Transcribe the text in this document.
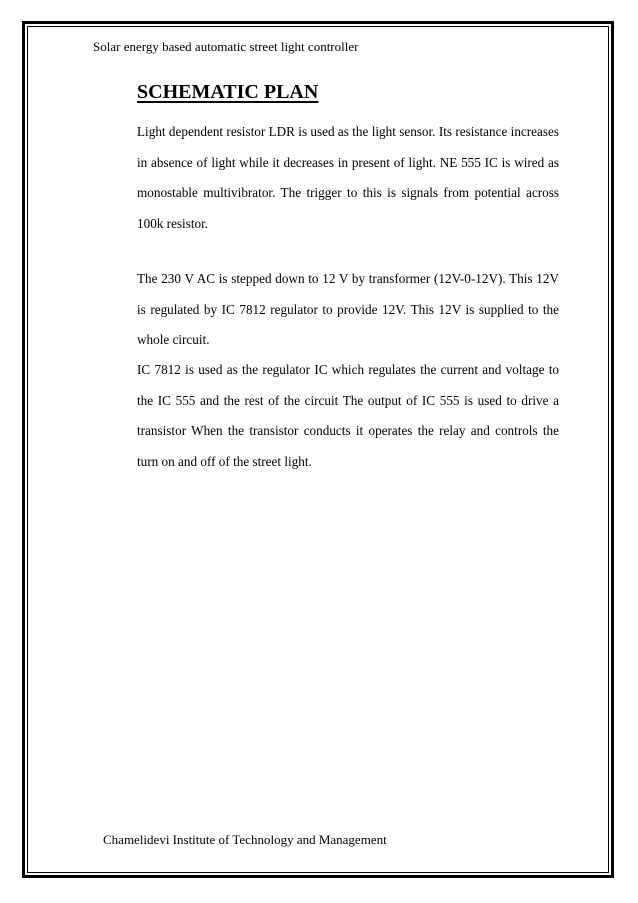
Solar energy based automatic street light controller
SCHEMATIC PLAN

Light dependent resistor LDR is used as the light sensor. Its resistance increases in absence of light while it decreases in present of light. NE 555 IC is wired as monostable multivibrator. The trigger to this is signals from potential across 100k resistor.

The 230 V AC is stepped down to 12 V by transformer (12V-0-12V). This 12V is regulated by IC 7812 regulator to provide 12V. This 12V is supplied to the whole circuit.

IC 7812 is used as the regulator IC which regulates the current and voltage to the IC 555 and the rest of the circuit The output of IC 555 is used to drive a transistor When the transistor conducts it operates the relay and controls the turn on and off of the street light.

Chamelidevi Institute of Technology and Management
